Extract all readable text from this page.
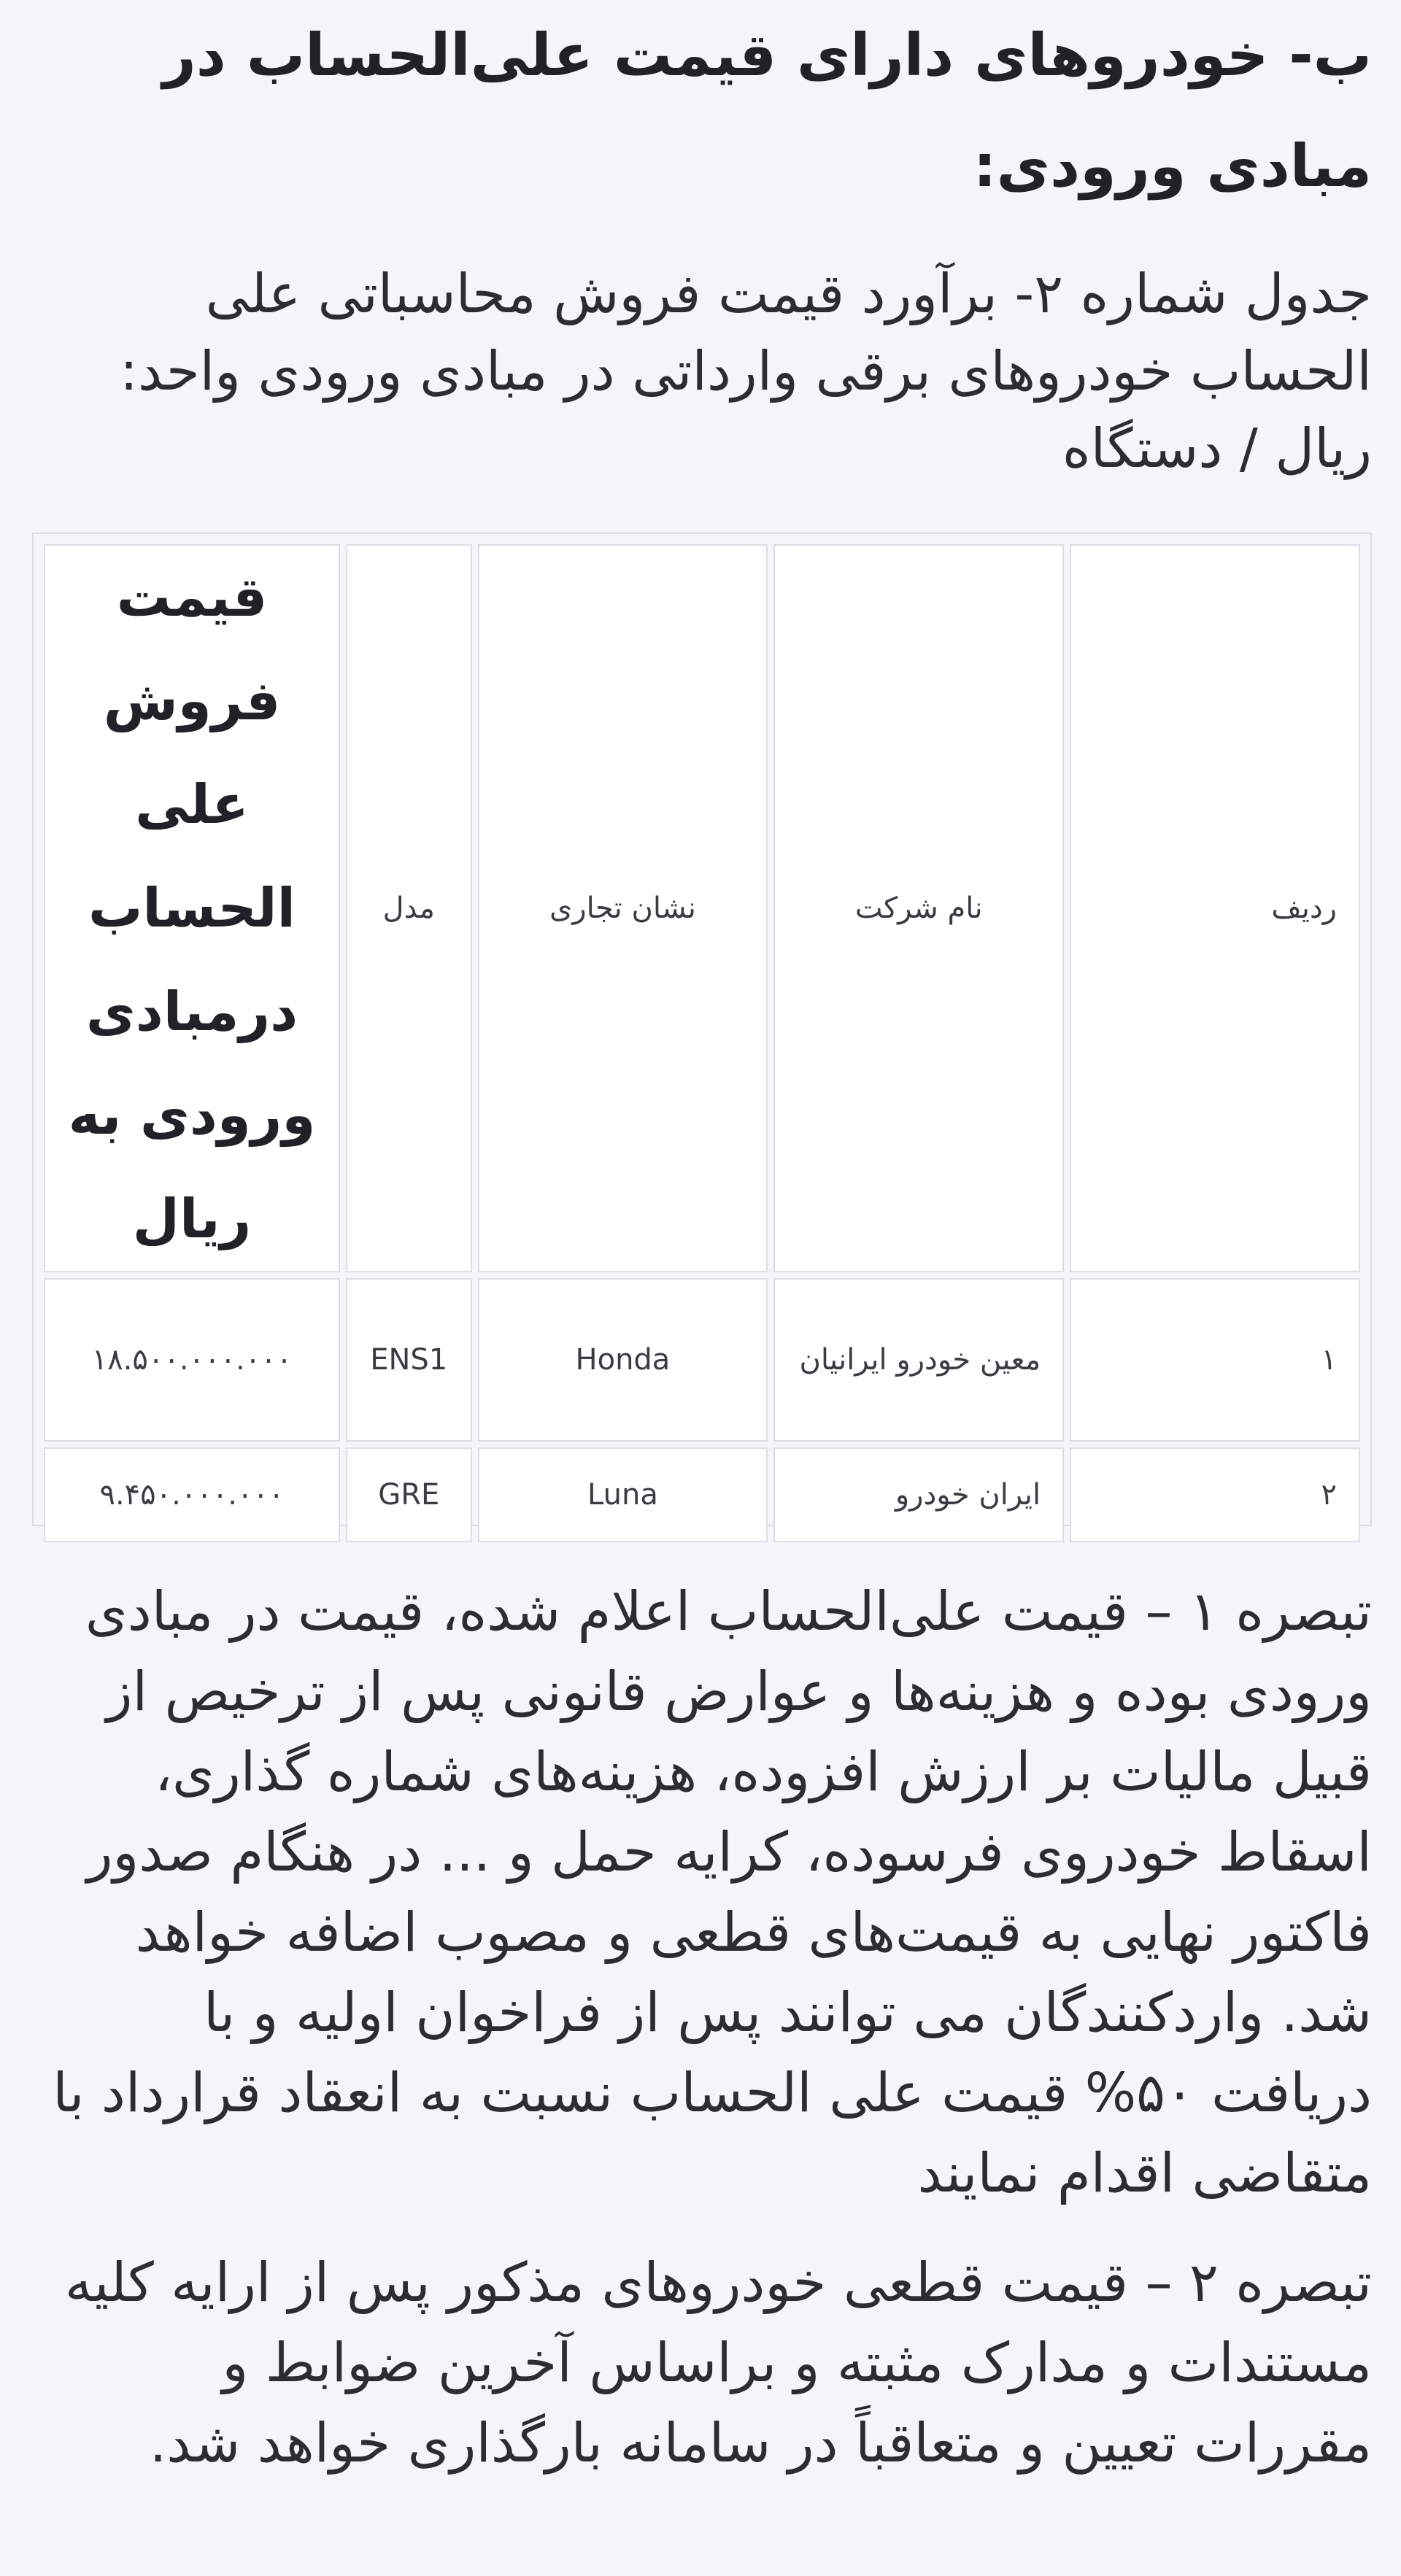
ب- خودروهای دارای قیمت علی‌الحساب در مبادی ورودی:

جدول شماره ۲- برآورد قیمت فروش محاسباتی علی الحساب خودروهای برقی وارداتی در مبادی ورودی واحد: ریال / دستگاه

ردیف	نام شرکت	نشان تجاری	مدل	قیمت فروش علی الحساب درمبادی ورودی به ریال
۱	معین خودرو ایرانیان	Honda	ENS1	۱۸.۵۰۰.۰۰۰.۰۰۰
۲	ایران خودرو	Luna	GRE	۹.۴۵۰.۰۰۰.۰۰۰

تبصره ۱ – قیمت علی‌الحساب اعلام شده، قیمت در مبادی ورودی بوده و هزینه‌ها و عوارض قانونی پس از ترخیص از قبیل مالیات بر ارزش افزوده، هزینه‌های شماره گذاری، اسقاط خودروی فرسوده، کرایه حمل و ... در هنگام صدور فاکتور نهایی به قیمت‌های قطعی و مصوب اضافه خواهد شد. واردکنندگان می توانند پس از فراخوان اولیه و با دریافت ۵۰% قیمت علی الحساب نسبت به انعقاد قرارداد با متقاضی اقدام نمایند

تبصره ۲ – قیمت قطعی خودروهای مذکور پس از ارایه کلیه مستندات و مدارک مثبته و براساس آخرین ضوابط و مقررات تعیین و متعاقباً در سامانه بارگذاری خواهد شد.
